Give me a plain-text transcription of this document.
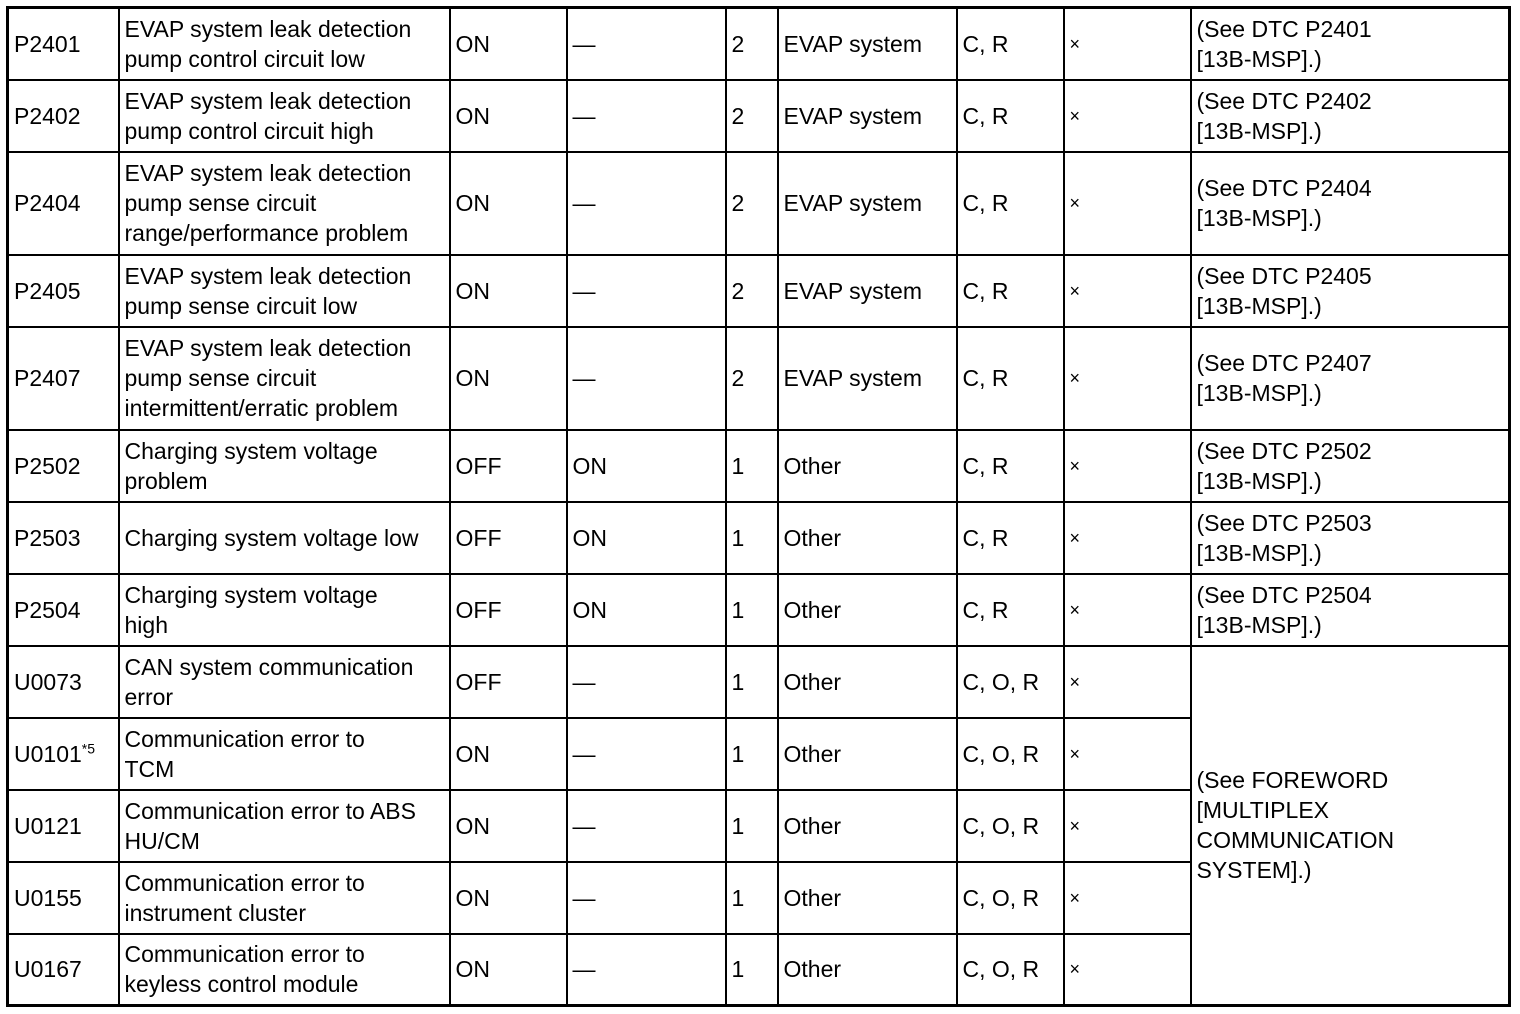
P2401	EVAP system leak detection
pump control circuit low	ON	—	2	EVAP system	C, R	×	(See DTC P2401
[13B-MSP].)
P2402	EVAP system leak detection
pump control circuit high	ON	—	2	EVAP system	C, R	×	(See DTC P2402
[13B-MSP].)
P2404	EVAP system leak detection
pump sense circuit
range/performance problem	ON	—	2	EVAP system	C, R	×	(See DTC P2404
[13B-MSP].)
P2405	EVAP system leak detection
pump sense circuit low	ON	—	2	EVAP system	C, R	×	(See DTC P2405
[13B-MSP].)
P2407	EVAP system leak detection
pump sense circuit
intermittent/erratic problem	ON	—	2	EVAP system	C, R	×	(See DTC P2407
[13B-MSP].)
P2502	Charging system voltage
problem	OFF	ON	1	Other	C, R	×	(See DTC P2502
[13B-MSP].)
P2503	Charging system voltage low	OFF	ON	1	Other	C, R	×	(See DTC P2503
[13B-MSP].)
P2504	Charging system voltage
high	OFF	ON	1	Other	C, R	×	(See DTC P2504
[13B-MSP].)
U0073	CAN system communication
error	OFF	—	1	Other	C, O, R	×	(See FOREWORD
[MULTIPLEX
COMMUNICATION
SYSTEM].)
U0101$^{*5}$	Communication error to
TCM	ON	—	1	Other	C, O, R	×	
U0121	Communication error to ABS
HU/CM	ON	—	1	Other	C, O, R	×	
U0155	Communication error to
instrument cluster	ON	—	1	Other	C, O, R	×	
U0167	Communication error to
keyless control module	ON	—	1	Other	C, O, R	×	
